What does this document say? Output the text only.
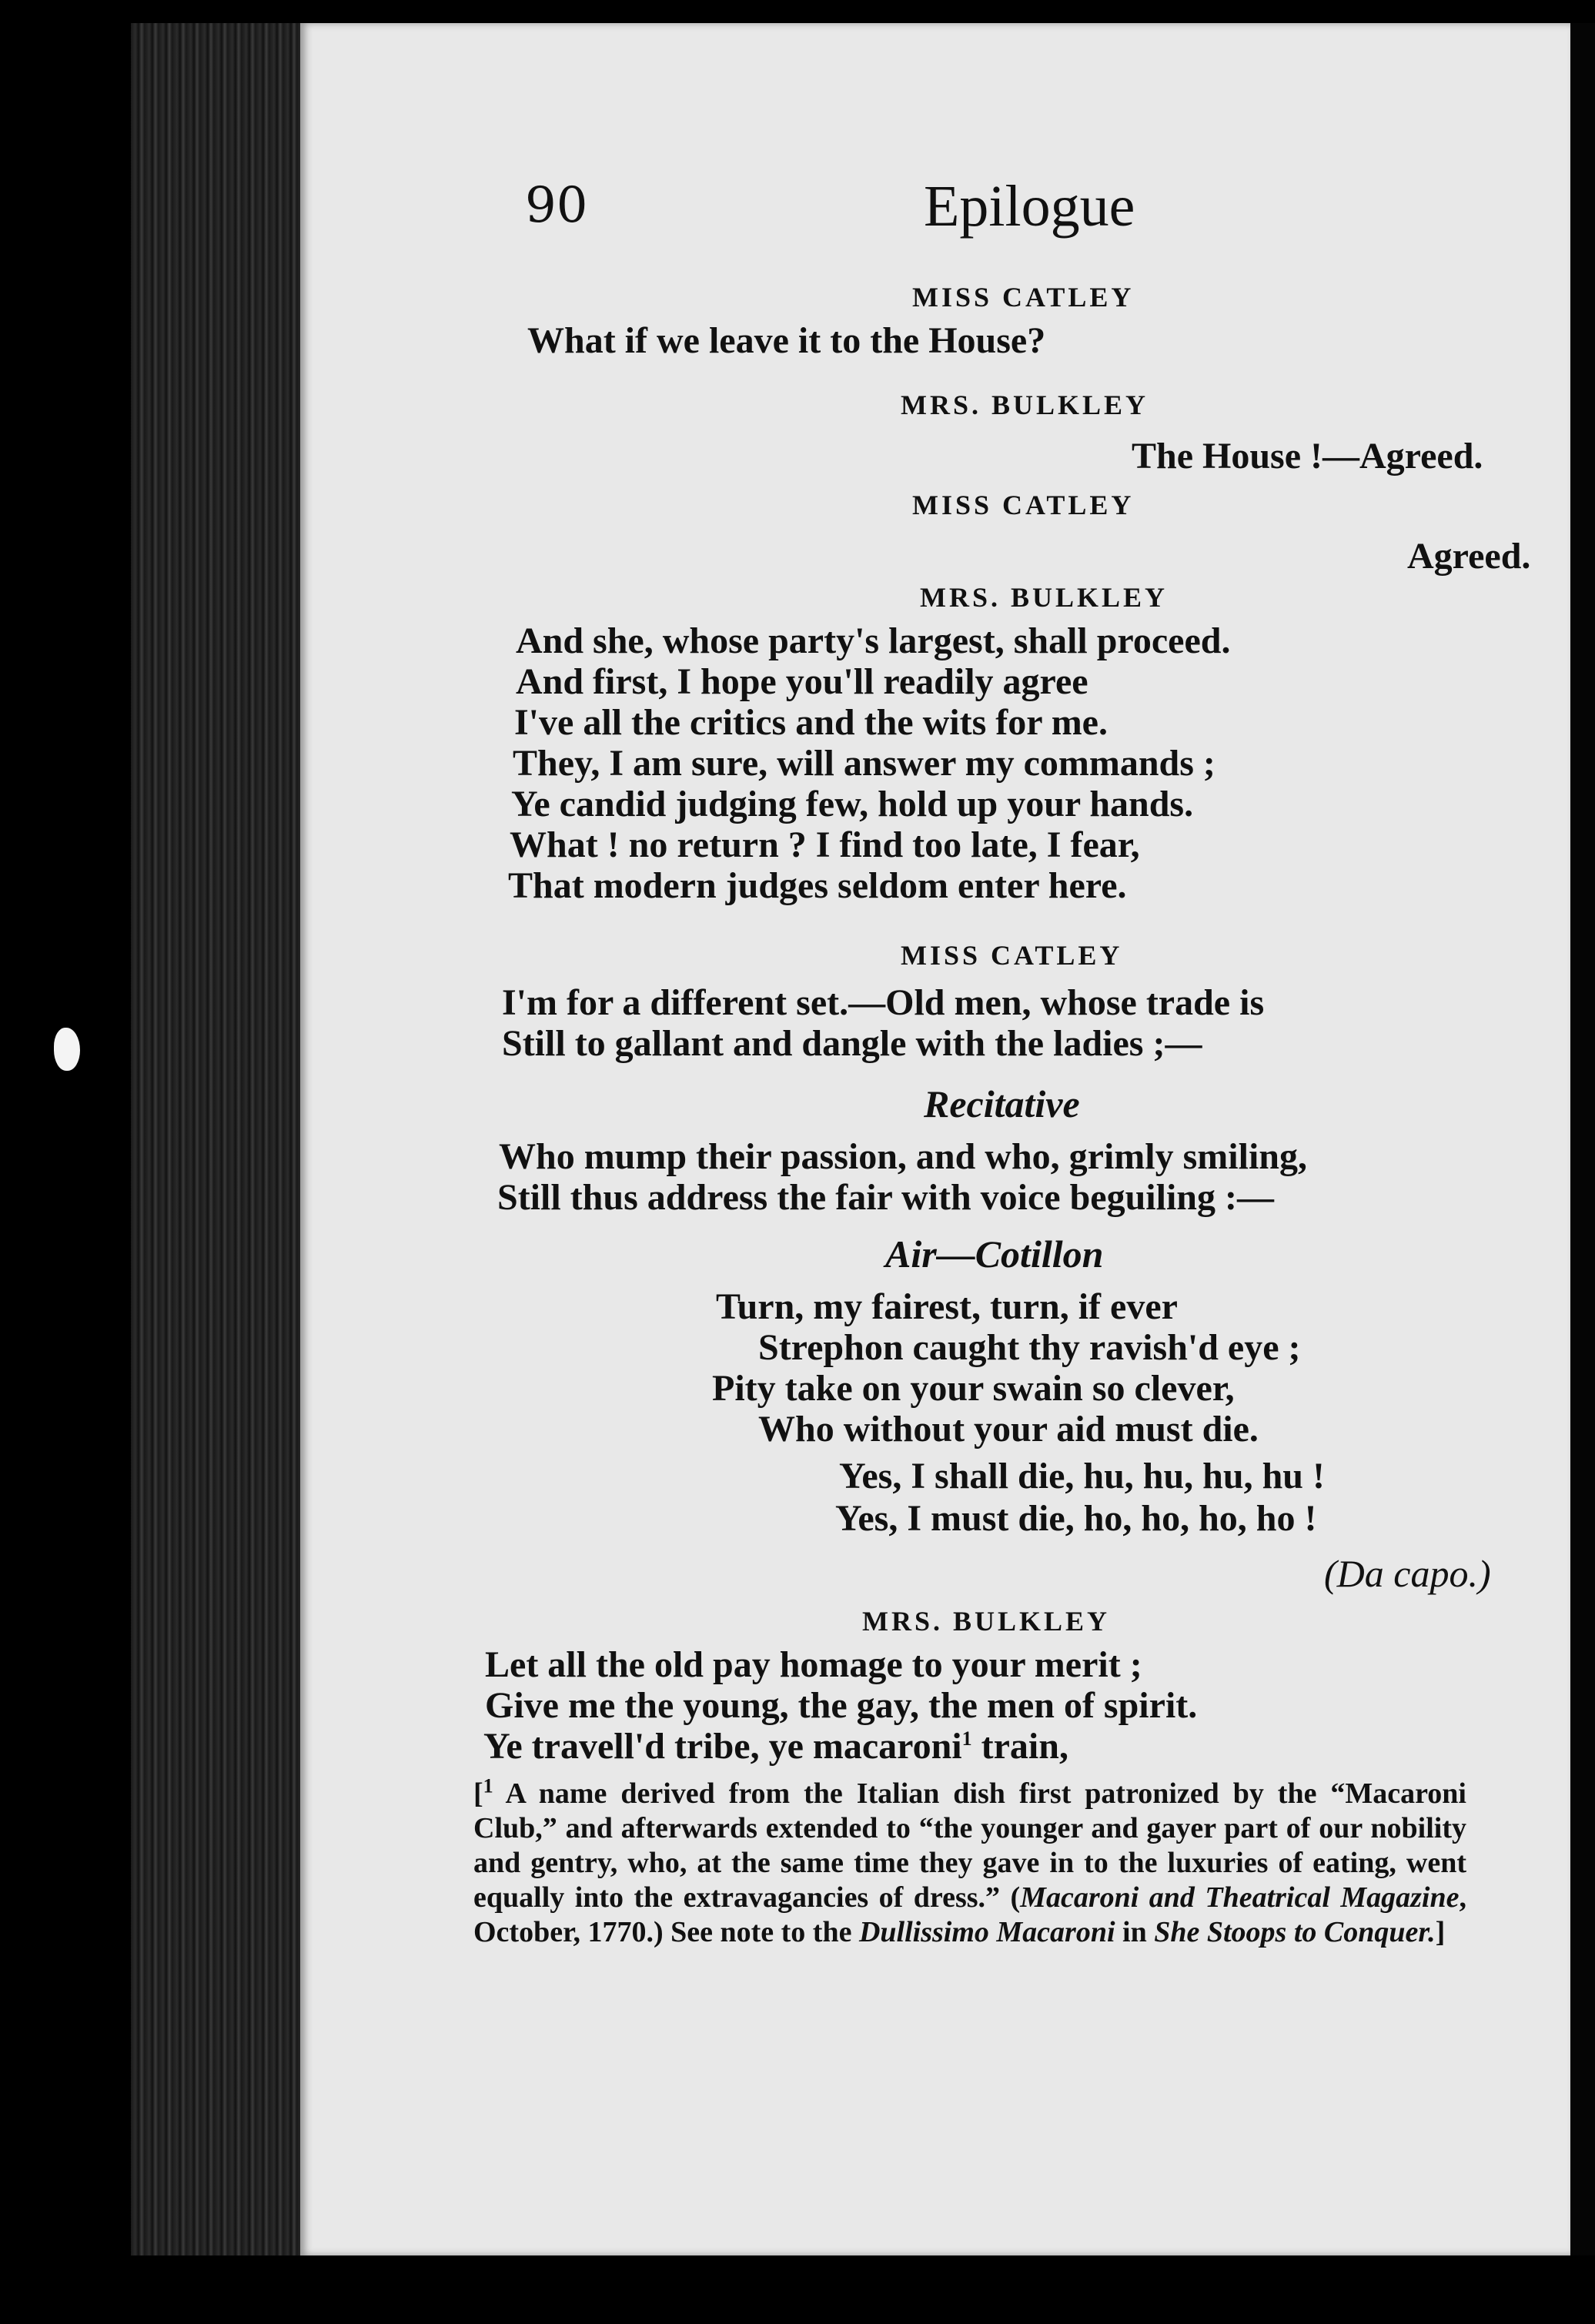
90	Epilogue
MISS CATLEY
What if we leave it to the House?
MRS. BULKLEY
The House !—Agreed.
MISS CATLEY
Agreed.
MRS. BULKLEY
And she, whose party's largest, shall proceed.
And first, I hope you'll readily agree
I've all the critics and the wits for me.
They, I am sure, will answer my commands ;
Ye candid judging few, hold up your hands.
What ! no return ? I find too late, I fear,
That modern judges seldom enter here.
MISS CATLEY
I'm for a different set.—Old men, whose trade is
Still to gallant and dangle with the ladies ;—
Recitative
Who mump their passion, and who, grimly smiling,
Still thus address the fair with voice beguiling :—
Air—Cotillon
Turn, my fairest, turn, if ever
Strephon caught thy ravish'd eye ;
Pity take on your swain so clever,
Who without your aid must die.
Yes, I shall die, hu, hu, hu, hu !
Yes, I must die, ho, ho, ho, ho !
(Da capo.)
MRS. BULKLEY
Let all the old pay homage to your merit ;
Give me the young, the gay, the men of spirit.
Ye travell'd tribe, ye macaroni$^1$ train,

[$^1$ A name derived from the Italian dish first patronized by the “Macaroni Club,” and afterwards extended to “the younger and gayer part of our nobility and gentry, who, at the same time they gave in to the luxuries of eating, went equally into the extravagancies of dress.” (Macaroni and Theatrical Magazine, October, 1770.) See note to the Dullissimo Macaroni in She Stoops to Conquer.]
